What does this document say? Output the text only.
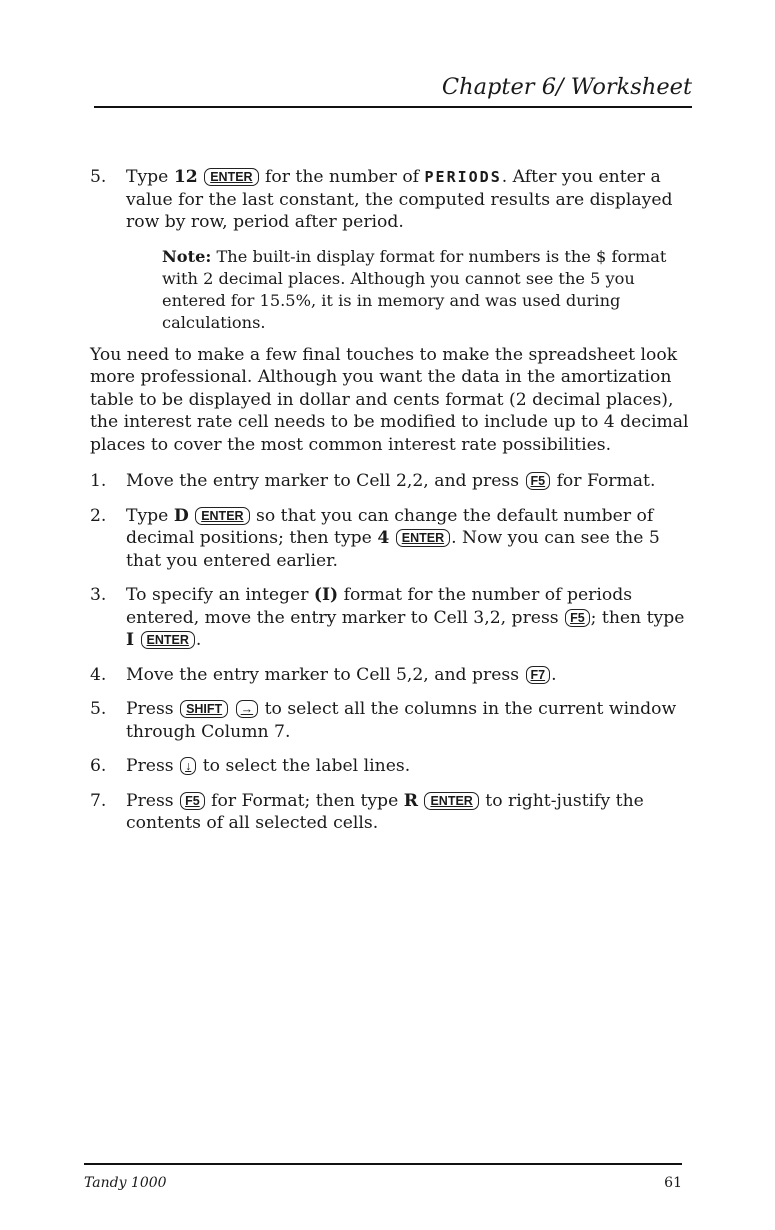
Chapter 6/ Worksheet

5.	Type 12 ENTER for the number of PERIODS. After you enter a value for the last constant, the computed results are displayed row by row, period after period.
Note: The built-in display format for numbers is the $ format with 2 decimal places. Although you cannot see the 5 you entered for 15.5%, it is in memory and was used during calculations.

You need to make a few final touches to make the spreadsheet look more professional. Although you want the data in the amortization table to be displayed in dollar and cents format (2 decimal places), the interest rate cell needs to be modified to include up to 4 decimal places to cover the most common interest rate possibilities.

1.	Move the entry marker to Cell 2,2, and press F5 for Format.
2.	Type D ENTER so that you can change the default number of decimal positions; then type 4 ENTER . Now you can see the 5 that you entered earlier.
3.	To specify an integer (I) format for the number of periods entered, move the entry marker to Cell 3,2, press F5 ; then type
I ENTER .
4.	Move the entry marker to Cell 5,2, and press F7 .
5.	Press SHIFT → to select all the columns in the current window through Column 7.
6.	Press ↓ to select the label lines.
7.	Press F5 for Format; then type R ENTER to right-justify the contents of all selected cells.
Tandy 1000	61
